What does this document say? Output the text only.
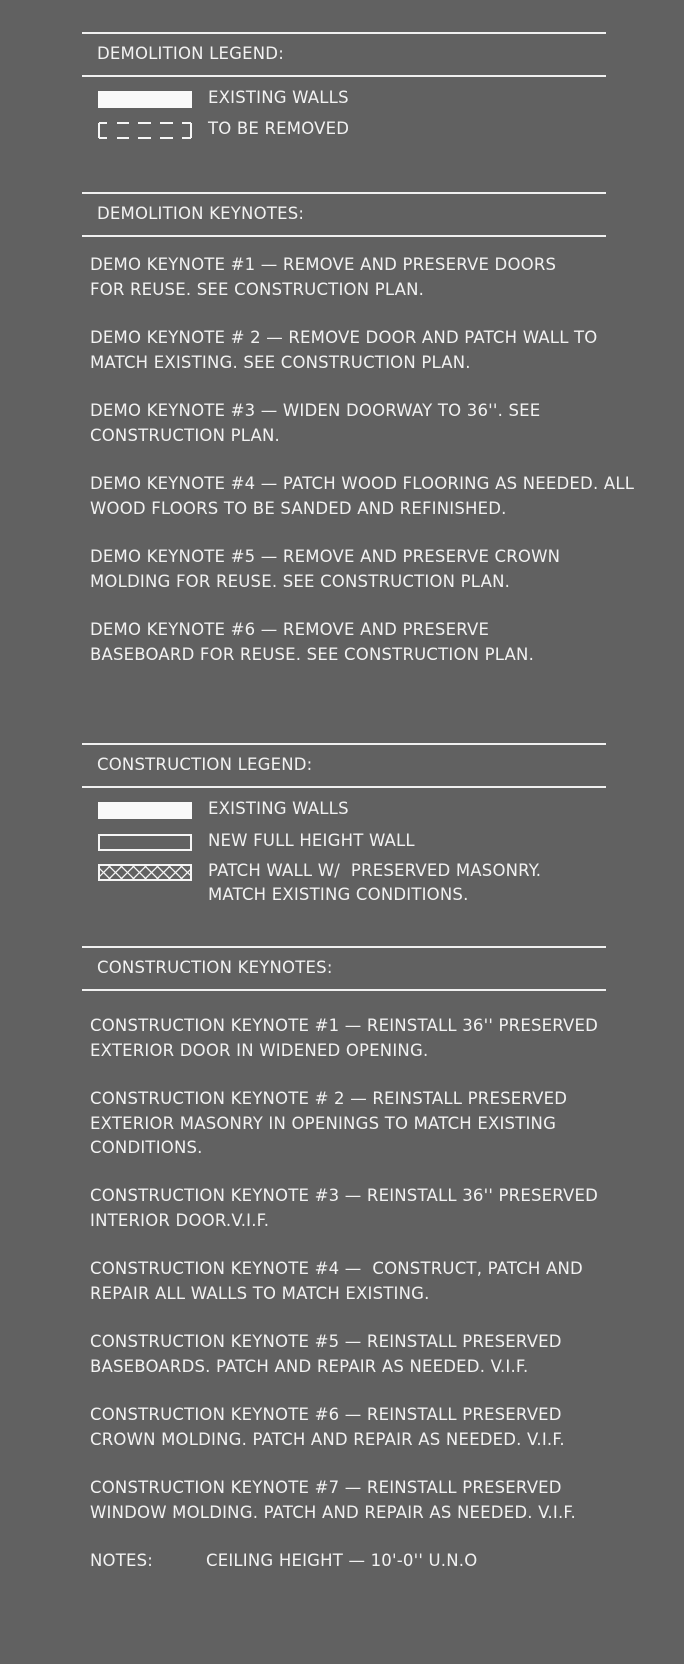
DEMOLITION LEGEND:
EXISTING WALLS
TO BE REMOVED
DEMOLITION KEYNOTES:
DEMO KEYNOTE #1 — REMOVE AND PRESERVE DOORS
FOR REUSE. SEE CONSTRUCTION PLAN.
DEMO KEYNOTE # 2 — REMOVE DOOR AND PATCH WALL TO
MATCH EXISTING. SEE CONSTRUCTION PLAN.
DEMO KEYNOTE #3 — WIDEN DOORWAY TO 36''. SEE
CONSTRUCTION PLAN.
DEMO KEYNOTE #4 — PATCH WOOD FLOORING AS NEEDED. ALL
WOOD FLOORS TO BE SANDED AND REFINISHED.
DEMO KEYNOTE #5 — REMOVE AND PRESERVE CROWN
MOLDING FOR REUSE. SEE CONSTRUCTION PLAN.
DEMO KEYNOTE #6 — REMOVE AND PRESERVE
BASEBOARD FOR REUSE. SEE CONSTRUCTION PLAN.
CONSTRUCTION LEGEND:
EXISTING WALLS
NEW FULL HEIGHT WALL
PATCH WALL W/  PRESERVED MASONRY.
MATCH EXISTING CONDITIONS.
CONSTRUCTION KEYNOTES:
CONSTRUCTION KEYNOTE #1 — REINSTALL 36'' PRESERVED
EXTERIOR DOOR IN WIDENED OPENING.
CONSTRUCTION KEYNOTE # 2 — REINSTALL PRESERVED
EXTERIOR MASONRY IN OPENINGS TO MATCH EXISTING
CONDITIONS.
CONSTRUCTION KEYNOTE #3 — REINSTALL 36'' PRESERVED
INTERIOR DOOR.V.I.F.
CONSTRUCTION KEYNOTE #4 —  CONSTRUCT, PATCH AND
REPAIR ALL WALLS TO MATCH EXISTING.
CONSTRUCTION KEYNOTE #5 — REINSTALL PRESERVED
BASEBOARDS. PATCH AND REPAIR AS NEEDED. V.I.F.
CONSTRUCTION KEYNOTE #6 — REINSTALL PRESERVED
CROWN MOLDING. PATCH AND REPAIR AS NEEDED. V.I.F.
CONSTRUCTION KEYNOTE #7 — REINSTALL PRESERVED
WINDOW MOLDING. PATCH AND REPAIR AS NEEDED. V.I.F.
NOTES:	CEILING HEIGHT — 10'-0'' U.N.O
